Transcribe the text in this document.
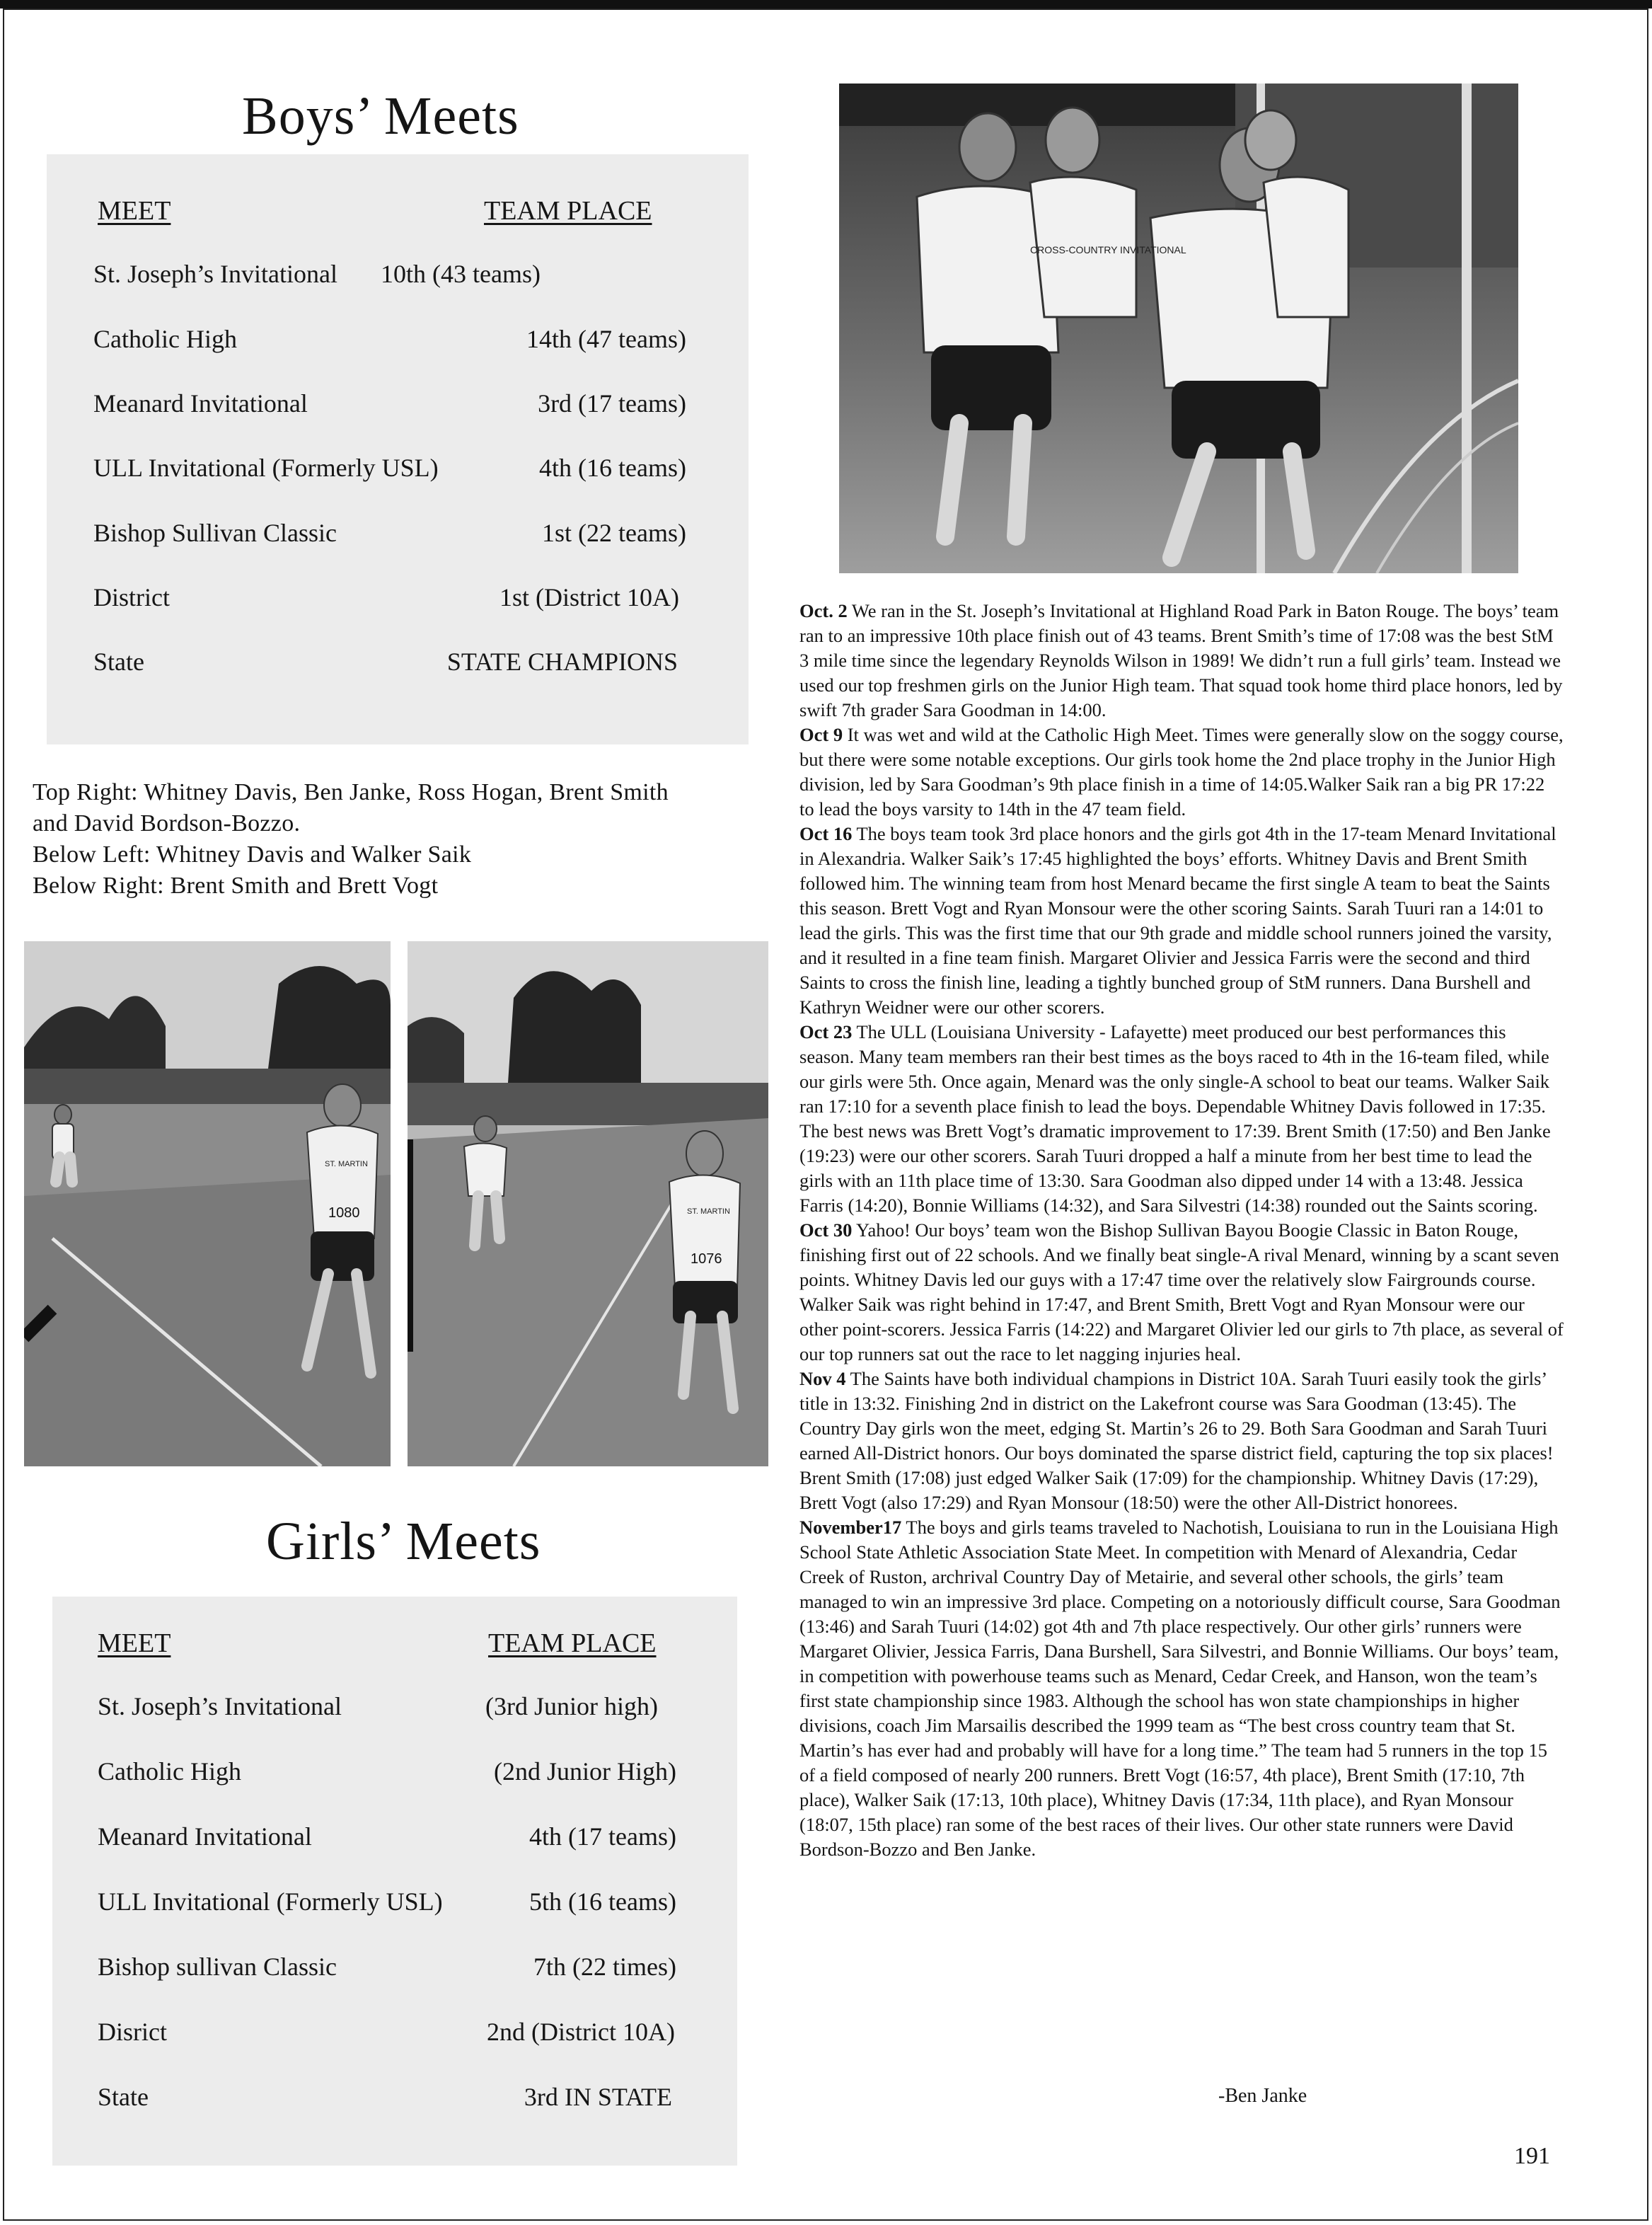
Boys’ Meets
MEET	TEAM PLACE
St. Joseph’s Invitational 10th (43 teams)
Catholic High	14th (47 teams)
Meanard Invitational	3rd (17 teams)
ULL Invitational (Formerly USL)	4th (16 teams)
Bishop Sullivan Classic	1st (22 teams)
District	1st (District 10A)
State	STATE CHAMPIONS
Top Right: Whitney Davis, Ben Janke, Ross Hogan, Brent Smith
and David Bordson-Bozzo.
Below Left: Whitney Davis and Walker Saik
Below Right: Brent Smith and Brett Vogt
CROSS-COUNTRY INVITATIONAL
ST. MARTIN
1080	ST. MARTIN
1076
Girls’ Meets
MEET	TEAM PLACE
St. Joseph’s Invitational	(3rd Junior high)
Catholic High	(2nd Junior High)
Meanard Invitational	4th (17 teams)
ULL Invitational (Formerly USL)	5th (16 teams)
Bishop sullivan Classic	7th (22 times)
Disrict	2nd (District 10A)
State	3rd IN STATE

Oct. 2 We ran in the St. Joseph’s Invitational at Highland Road Park in Baton Rouge. The boys’ team ran to an impressive 10th place finish out of 43 teams. Brent Smith’s time of 17:08 was the best StM 3 mile time since the legendary Reynolds Wilson in 1989! We didn’t run a full girls’ team. Instead we used our top freshmen girls on the Junior High team. That squad took home third place honors, led by swift 7th grader Sara Goodman in 14:00.

Oct 9 It was wet and wild at the Catholic High Meet. Times were generally slow on the soggy course, but there were some notable exceptions. Our girls took home the 2nd place trophy in the Junior High division, led by Sara Goodman’s 9th place finish in a time of 14:05.Walker Saik ran a big PR 17:22 to lead the boys varsity to 14th in the 47 team field.

Oct 16 The boys team took 3rd place honors and the girls got 4th in the 17-team Menard Invitational in Alexandria. Walker Saik’s 17:45 highlighted the boys’ efforts. Whitney Davis and Brent Smith followed him. The winning team from host Menard became the first single A team to beat the Saints this season. Brett Vogt and Ryan Monsour were the other scoring Saints. Sarah Tuuri ran a 14:01 to lead the girls. This was the first time that our 9th grade and middle school runners joined the varsity, and it resulted in a fine team finish. Margaret Olivier and Jessica Farris were the second and third Saints to cross the finish line, leading a tightly bunched group of StM runners. Dana Burshell and Kathryn Weidner were our other scorers.

Oct 23 The ULL (Louisiana University - Lafayette) meet produced our best performances this season. Many team members ran their best times as the boys raced to 4th in the 16-team filed, while our girls were 5th. Once again, Menard was the only single-A school to beat our teams. Walker Saik ran 17:10 for a seventh place finish to lead the boys. Dependable Whitney Davis followed in 17:35. The best news was Brett Vogt’s dramatic improvement to 17:39. Brent Smith (17:50) and Ben Janke (19:23) were our other scorers. Sarah Tuuri dropped a half a minute from her best time to lead the girls with an 11th place time of 13:30. Sara Goodman also dipped under 14 with a 13:48. Jessica Farris (14:20), Bonnie Williams (14:32), and Sara Silvestri (14:38) rounded out the Saints scoring.

Oct 30 Yahoo! Our boys’ team won the Bishop Sullivan Bayou Boogie Classic in Baton Rouge, finishing first out of 22 schools. And we finally beat single-A rival Menard, winning by a scant seven points. Whitney Davis led our guys with a 17:47 time over the relatively slow Fairgrounds course. Walker Saik was right behind in 17:47, and Brent Smith, Brett Vogt and Ryan Monsour were our other point-scorers. Jessica Farris (14:22) and Margaret Olivier led our girls to 7th place, as several of our top runners sat out the race to let nagging injuries heal.

Nov 4 The Saints have both individual champions in District 10A. Sarah Tuuri easily took the girls’ title in 13:32. Finishing 2nd in district on the Lakefront course was Sara Goodman (13:45). The Country Day girls won the meet, edging St. Martin’s 26 to 29. Both Sara Goodman and Sarah Tuuri earned All-District honors. Our boys dominated the sparse district field, capturing the top six places! Brent Smith (17:08) just edged Walker Saik (17:09) for the championship. Whitney Davis (17:29), Brett Vogt (also 17:29) and Ryan Monsour (18:50) were the other All-District honorees.

November17 The boys and girls teams traveled to Nachotish, Louisiana to run in the Louisiana High School State Athletic Association State Meet. In competition with Menard of Alexandria, Cedar Creek of Ruston, archrival Country Day of Metairie, and several other schools, the girls’ team managed to win an impressive 3rd place. Competing on a notoriously difficult course, Sara Goodman (13:46) and Sarah Tuuri (14:02) got 4th and 7th place respectively. Our other girls’ runners were Margaret Olivier, Jessica Farris, Dana Burshell, Sara Silvestri, and Bonnie Williams. Our boys’ team, in competition with powerhouse teams such as Menard, Cedar Creek, and Hanson, won the team’s first state championship since 1983. Although the school has won state championships in higher divisions, coach Jim Marsailis described the 1999 team as “The best cross country team that St. Martin’s has ever had and probably will have for a long time.” The team had 5 runners in the top 15 of a field composed of nearly 200 runners. Brett Vogt (16:57, 4th place), Brent Smith (17:10, 7th place), Walker Saik (17:13, 10th place), Whitney Davis (17:34, 11th place), and Ryan Monsour (18:07, 15th place) ran some of the best races of their lives. Our other state runners were David Bordson-Bozzo and Ben Janke.

-Ben Janke
191
